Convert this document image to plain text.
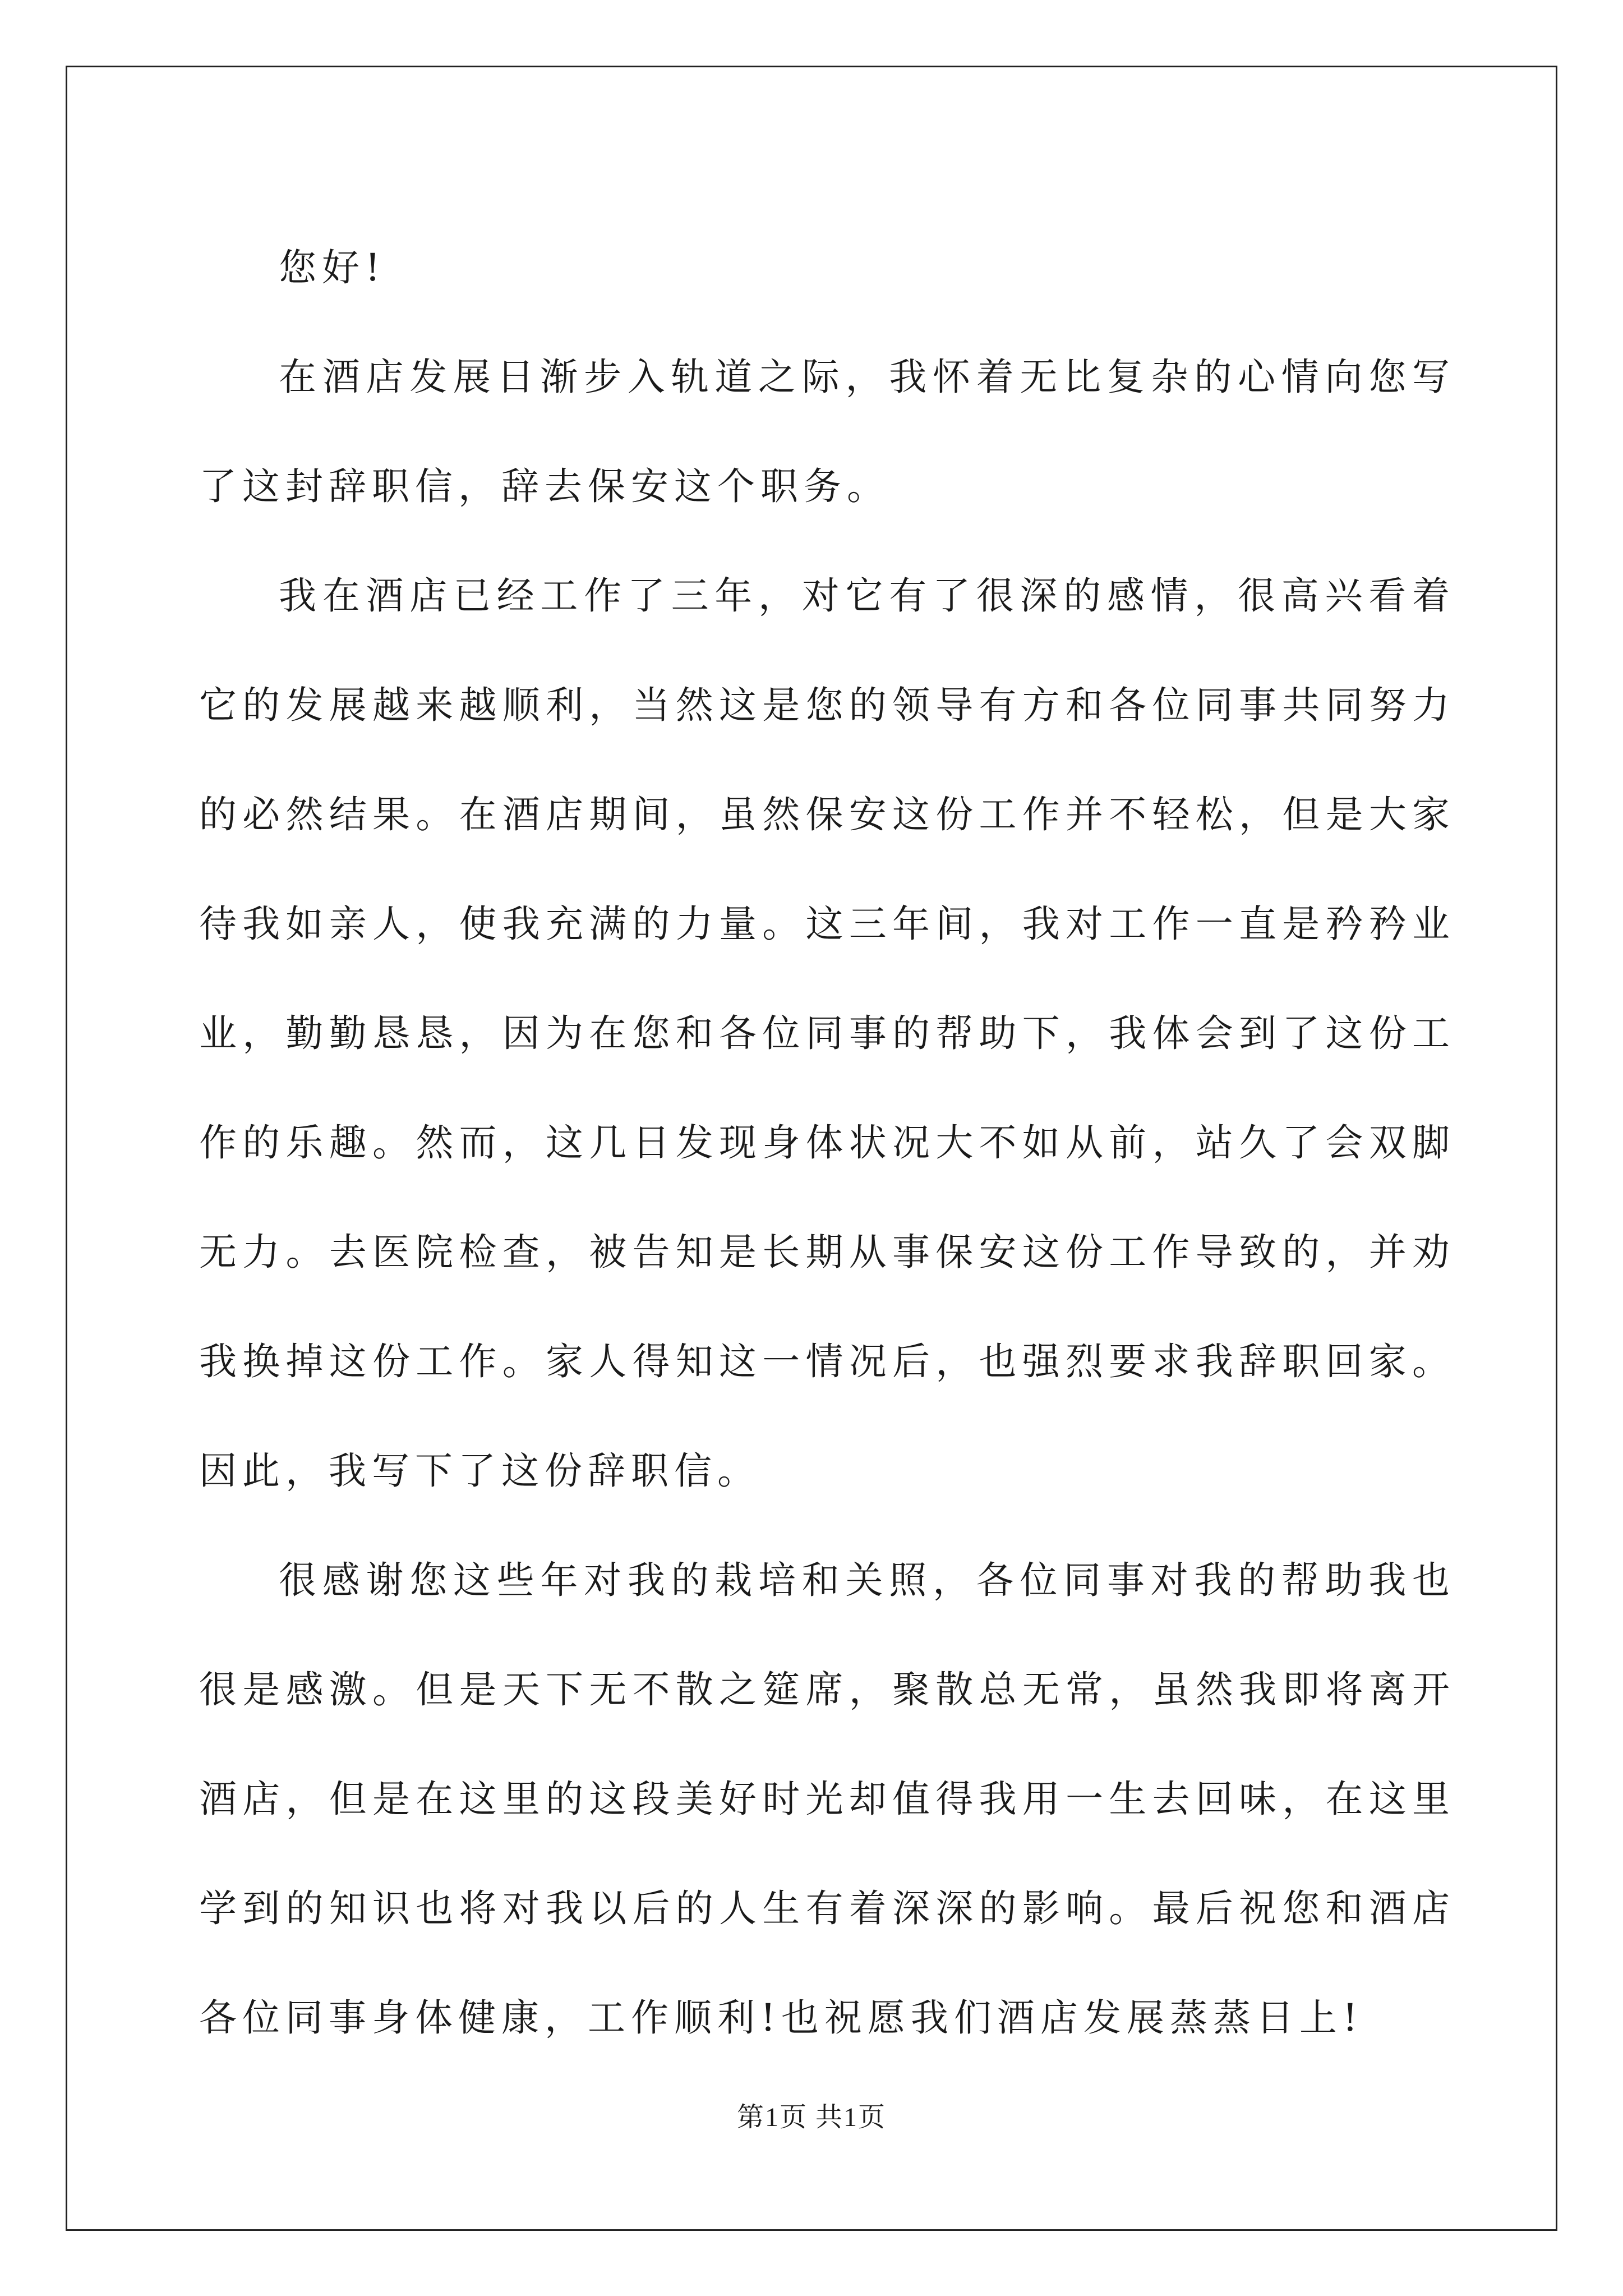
您好!

在酒店发展日渐步入轨道之际，我怀着无比复杂的心情向您写了这封辞职信，辞去保安这个职务。

我在酒店已经工作了三年，对它有了很深的感情，很高兴看着它的发展越来越顺利，当然这是您的领导有方和各位同事共同努力的必然结果。在酒店期间，虽然保安这份工作并不轻松，但是大家待我如亲人，使我充满的力量。这三年间，我对工作一直是矜矜业业，勤勤恳恳，因为在您和各位同事的帮助下，我体会到了这份工作的乐趣。然而，这几日发现身体状况大不如从前，站久了会双脚无力。去医院检查，被告知是长期从事保安这份工作导致的，并劝我换掉这份工作。家人得知这一情况后，也强烈要求我辞职回家。因此，我写下了这份辞职信。

很感谢您这些年对我的栽培和关照，各位同事对我的帮助我也很是感激。但是天下无不散之筵席，聚散总无常，虽然我即将离开酒店，但是在这里的这段美好时光却值得我用一生去回味，在这里学到的知识也将对我以后的人生有着深深的影响。最后祝您和酒店各位同事身体健康，工作顺利!也祝愿我们酒店发展蒸蒸日上!

第1页 共1页
